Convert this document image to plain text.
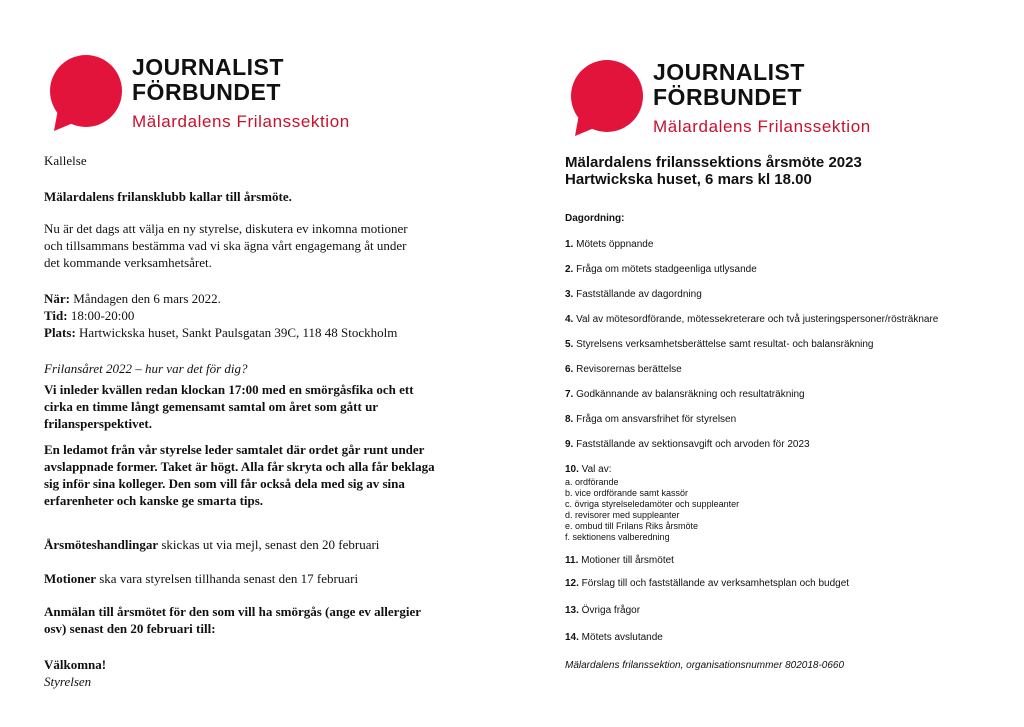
JOURNALIST
FÖRBUNDET
Mälardalens Frilanssektion
Kallelse
Mälardalens frilansklubb kallar till årsmöte.
Nu är det dags att välja en ny styrelse, diskutera ev inkomna motioner
och tillsammans bestämma vad vi ska ägna vårt engagemang åt under
det kommande verksamhetsåret.
När: Måndagen den 6 mars 2022.
Tid: 18:00-20:00
Plats: Hartwickska huset, Sankt Paulsgatan 39C, 118 48 Stockholm
Frilansåret 2022 – hur var det för dig?
Vi inleder kvällen redan klockan 17:00 med en smörgåsfika och ett
cirka en timme långt gemensamt samtal om året som gått ur
frilansperspektivet.
En ledamot från vår styrelse leder samtalet där ordet går runt under
avslappnade former. Taket är högt. Alla får skryta och alla får beklaga
sig inför sina kolleger. Den som vill får också dela med sig av sina
erfarenheter och kanske ge smarta tips.
Årsmöteshandlingar skickas ut via mejl, senast den 20 februari
Motioner ska vara styrelsen tillhanda senast den 17 februari
Anmälan till årsmötet för den som vill ha smörgås (ange ev allergier
osv) senast den 20 februari till:
Välkomna!
Styrelsen
JOURNALIST
FÖRBUNDET
Mälardalens Frilanssektion
Mälardalens frilanssektions årsmöte 2023
Hartwickska huset, 6 mars kl 18.00
Dagordning:
1. Mötets öppnande
2. Fråga om mötets stadgeenliga utlysande
3. Fastställande av dagordning
4. Val av mötesordförande, mötessekreterare och två justeringspersoner/rösträknare
5. Styrelsens verksamhetsberättelse samt resultat- och balansräkning
6. Revisorernas berättelse
7. Godkännande av balansräkning och resultaträkning
8. Fråga om ansvarsfrihet för styrelsen
9. Fastställande av sektionsavgift och arvoden för 2023
10. Val av:
a. ordförande
b. vice ordförande samt kassör
c. övriga styrelseledamöter och suppleanter
d. revisorer med suppleanter
e. ombud till Frilans Riks årsmöte
f. sektionens valberedning
11. Motioner till årsmötet
12. Förslag till och fastställande av verksamhetsplan och budget
13. Övriga frågor
14. Mötets avslutande
Mälardalens frilanssektion, organisationsnummer 802018-0660
